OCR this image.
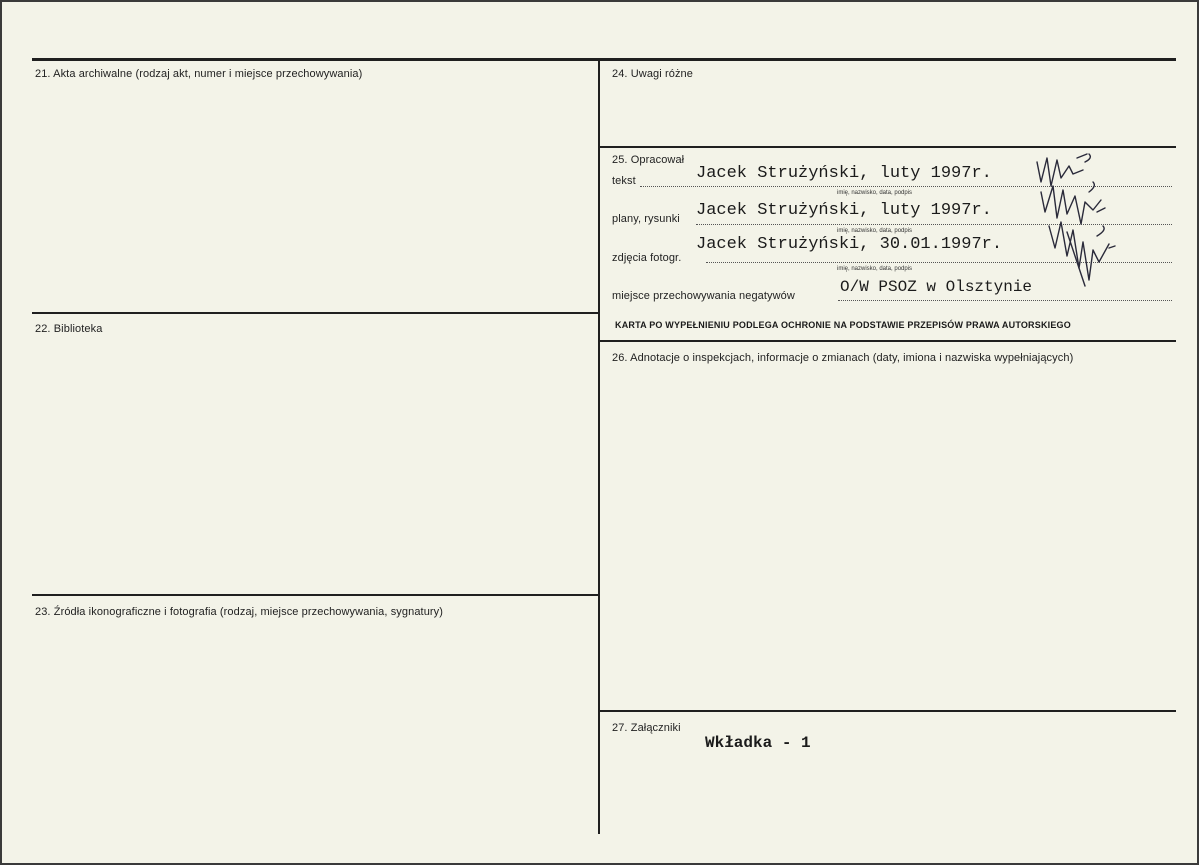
21. Akta archiwalne (rodzaj akt, numer i miejsce przechowywania)
22. Biblioteka
23. Źródła ikonograficzne i fotografia (rodzaj, miejsce przechowywania, sygnatury)
24. Uwagi różne
25. Opracował
tekst	Jacek Strużyński, luty 1997r.
imię, nazwisko, data, podpis
plany, rysunki Jacek Strużyński, luty 1997r.
imię, nazwisko, data, podpis
zdjęcia fotogr.
Jacek Strużyński, 30.01.1997r.
imię, nazwisko, data, podpis
miejsce przechowywania negatywów	O/W PSOZ w Olsztynie
KARTA PO WYPEŁNIENIU PODLEGA OCHRONIE NA PODSTAWIE PRZEPISÓW PRAWA AUTORSKIEGO
26. Adnotacje o inspekcjach, informacje o zmianach (daty, imiona i nazwiska wypełniających)
27. Załączniki
Wkładka - 1
